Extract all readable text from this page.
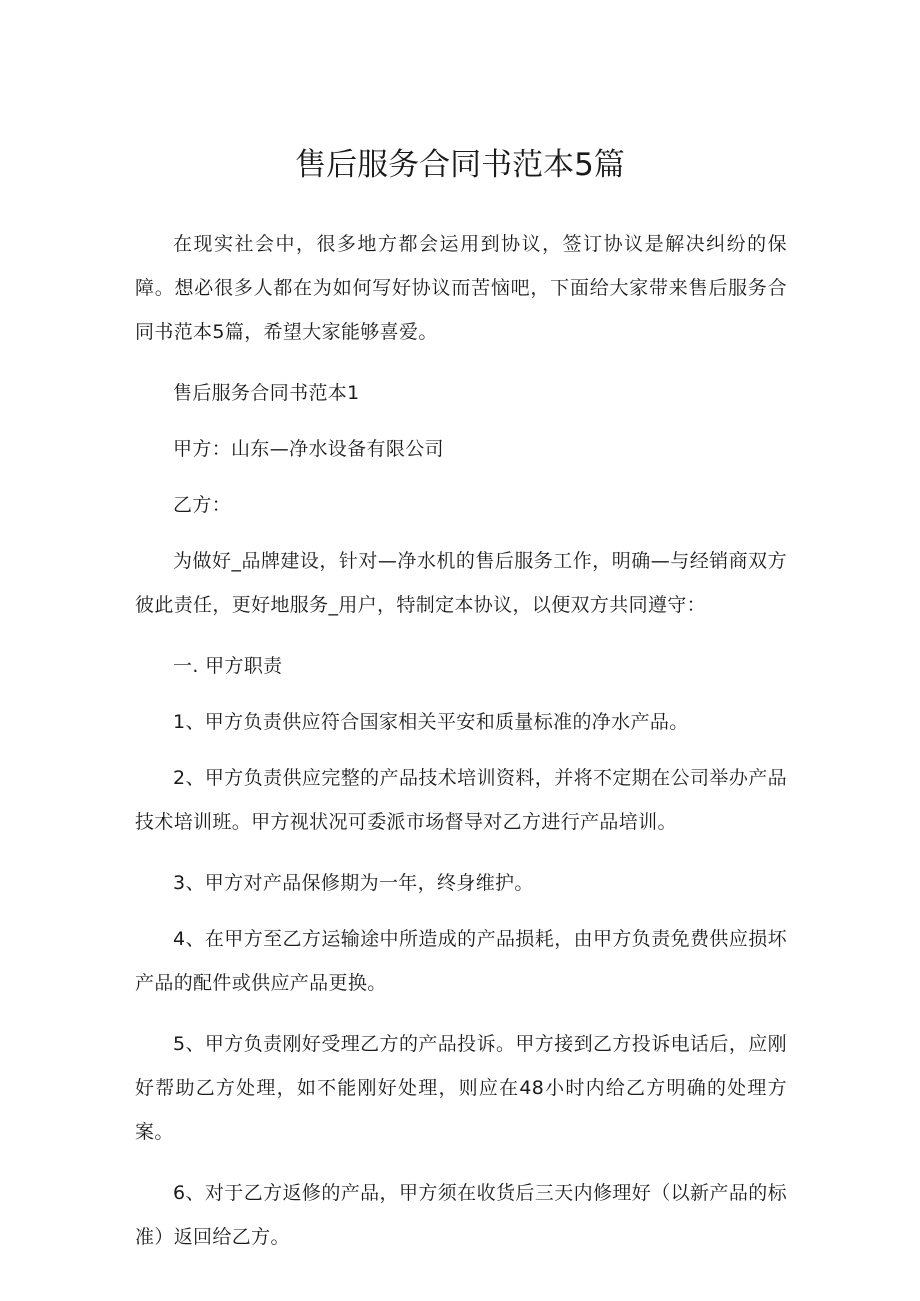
售后服务合同书范本5篇

在现实社会中，很多地方都会运用到协议，签订协议是解决纠纷的保障。想必很多人都在为如何写好协议而苦恼吧，下面给大家带来售后服务合同书范本5篇，希望大家能够喜爱。

售后服务合同书范本1

甲方：山东—净水设备有限公司

乙方：

为做好_品牌建设，针对—净水机的售后服务工作，明确—与经销商双方彼此责任，更好地服务_用户，特制定本协议，以便双方共同遵守：

一. 甲方职责

1、甲方负责供应符合国家相关平安和质量标准的净水产品。

2、甲方负责供应完整的产品技术培训资料，并将不定期在公司举办产品技术培训班。甲方视状况可委派市场督导对乙方进行产品培训。

3、甲方对产品保修期为一年，终身维护。

4、在甲方至乙方运输途中所造成的产品损耗，由甲方负责免费供应损坏产品的配件或供应产品更换。

5、甲方负责刚好受理乙方的产品投诉。甲方接到乙方投诉电话后，应刚好帮助乙方处理，如不能刚好处理，则应在48小时内给乙方明确的处理方案。

6、对于乙方返修的产品，甲方须在收货后三天内修理好（以新产品的标准）返回给乙方。
